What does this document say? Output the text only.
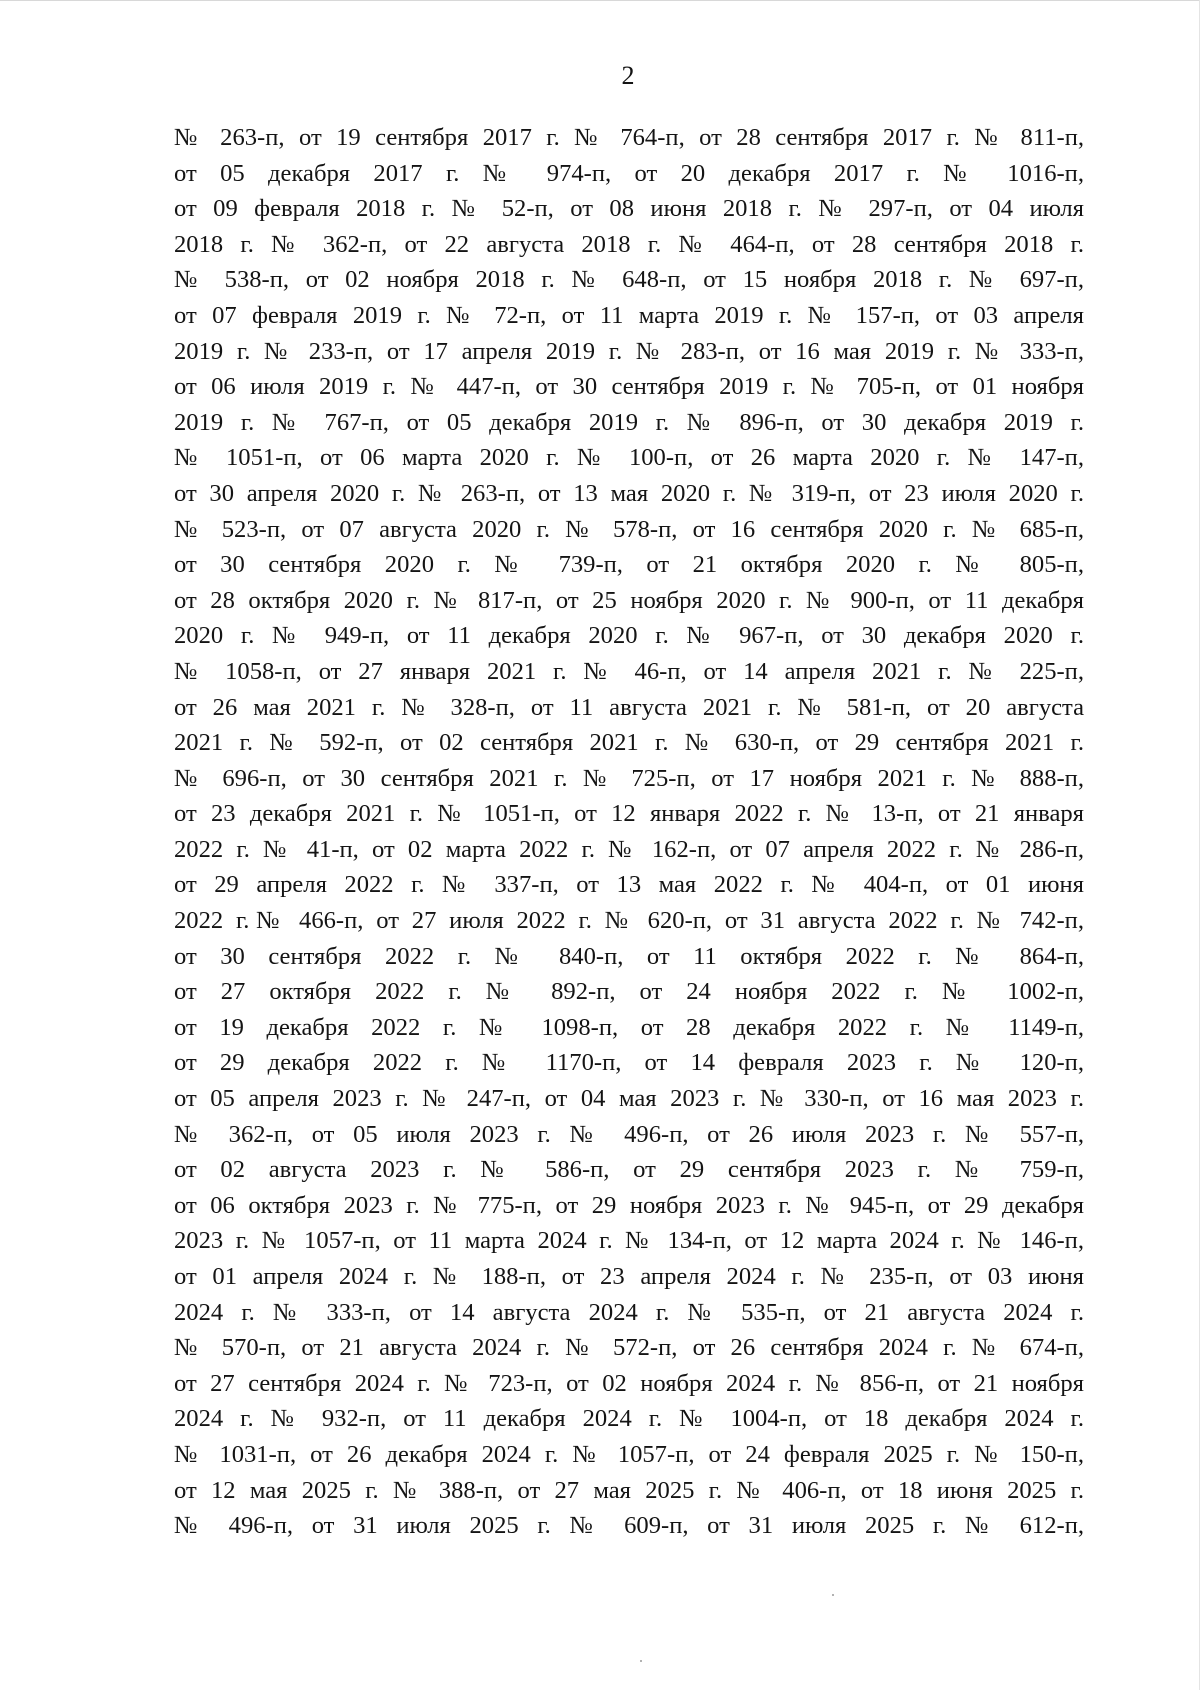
2
№ 263-п, от 19 сентября 2017 г. № 764-п, от 28 сентября 2017 г. № 811-п,
от 05 декабря 2017 г. № 974-п, от 20 декабря 2017 г. № 1016-п,
от 09 февраля 2018 г. № 52-п, от 08 июня 2018 г. № 297-п, от 04 июля
2018 г. № 362-п, от 22 августа 2018 г. № 464-п, от 28 сентября 2018 г.
№ 538-п, от 02 ноября 2018 г. № 648-п, от 15 ноября 2018 г. № 697-п,
от 07 февраля 2019 г. № 72-п, от 11 марта 2019 г. № 157-п, от 03 апреля
2019 г. № 233-п, от 17 апреля 2019 г. № 283-п, от 16 мая 2019 г. № 333-п,
от 06 июля 2019 г. № 447-п, от 30 сентября 2019 г. № 705-п, от 01 ноября
2019 г. № 767-п, от 05 декабря 2019 г. № 896-п, от 30 декабря 2019 г.
№ 1051-п, от 06 марта 2020 г. № 100-п, от 26 марта 2020 г. № 147-п,
от 30 апреля 2020 г. № 263-п, от 13 мая 2020 г. № 319-п, от 23 июля 2020 г.
№ 523-п, от 07 августа 2020 г. № 578-п, от 16 сентября 2020 г. № 685-п,
от 30 сентября 2020 г. № 739-п, от 21 октября 2020 г. № 805-п,
от 28 октября 2020 г. № 817-п, от 25 ноября 2020 г. № 900-п, от 11 декабря
2020 г. № 949-п, от 11 декабря 2020 г. № 967-п, от 30 декабря 2020 г.
№ 1058-п, от 27 января 2021 г. № 46-п, от 14 апреля 2021 г. № 225-п,
от 26 мая 2021 г. № 328-п, от 11 августа 2021 г. № 581-п, от 20 августа
2021 г. № 592-п, от 02 сентября 2021 г. № 630-п, от 29 сентября 2021 г.
№ 696-п, от 30 сентября 2021 г. № 725-п, от 17 ноября 2021 г. № 888-п,
от 23 декабря 2021 г. № 1051-п, от 12 января 2022 г. № 13-п, от 21 января
2022 г. № 41-п, от 02 марта 2022 г. № 162-п, от 07 апреля 2022 г. № 286-п,
от 29 апреля 2022 г. № 337-п, от 13 мая 2022 г. № 404-п, от 01 июня
2022 г.№ 466-п, от 27 июля 2022 г. № 620-п, от 31 августа 2022 г. № 742-п,
от 30 сентября 2022 г. № 840-п, от 11 октября 2022 г. № 864-п,
от 27 октября 2022 г. № 892-п, от 24 ноября 2022 г. № 1002-п,
от 19 декабря 2022 г. № 1098-п, от 28 декабря 2022 г. № 1149-п,
от 29 декабря 2022 г. № 1170-п, от 14 февраля 2023 г. № 120-п,
от 05 апреля 2023 г. № 247-п, от 04 мая 2023 г. № 330-п, от 16 мая 2023 г.
№ 362-п, от 05 июля 2023 г. № 496-п, от 26 июля 2023 г. № 557-п,
от 02 августа 2023 г. № 586-п, от 29 сентября 2023 г. № 759-п,
от 06 октября 2023 г. № 775-п, от 29 ноября 2023 г. № 945-п, от 29 декабря
2023 г. № 1057-п, от 11 марта 2024 г. № 134-п, от 12 марта 2024 г. № 146-п,
от 01 апреля 2024 г. № 188-п, от 23 апреля 2024 г. № 235-п, от 03 июня
2024 г. № 333-п, от 14 августа 2024 г. № 535-п, от 21 августа 2024 г.
№ 570-п, от 21 августа 2024 г. № 572-п, от 26 сентября 2024 г. № 674-п,
от 27 сентября 2024 г. № 723-п, от 02 ноября 2024 г. № 856-п, от 21 ноября
2024 г. № 932-п, от 11 декабря 2024 г. № 1004-п, от 18 декабря 2024 г.
№ 1031-п, от 26 декабря 2024 г. № 1057-п, от 24 февраля 2025 г. № 150-п,
от 12 мая 2025 г. № 388-п, от 27 мая 2025 г. № 406-п, от 18 июня 2025 г.
№ 496-п, от 31 июля 2025 г. № 609-п, от 31 июля 2025 г. № 612-п,
